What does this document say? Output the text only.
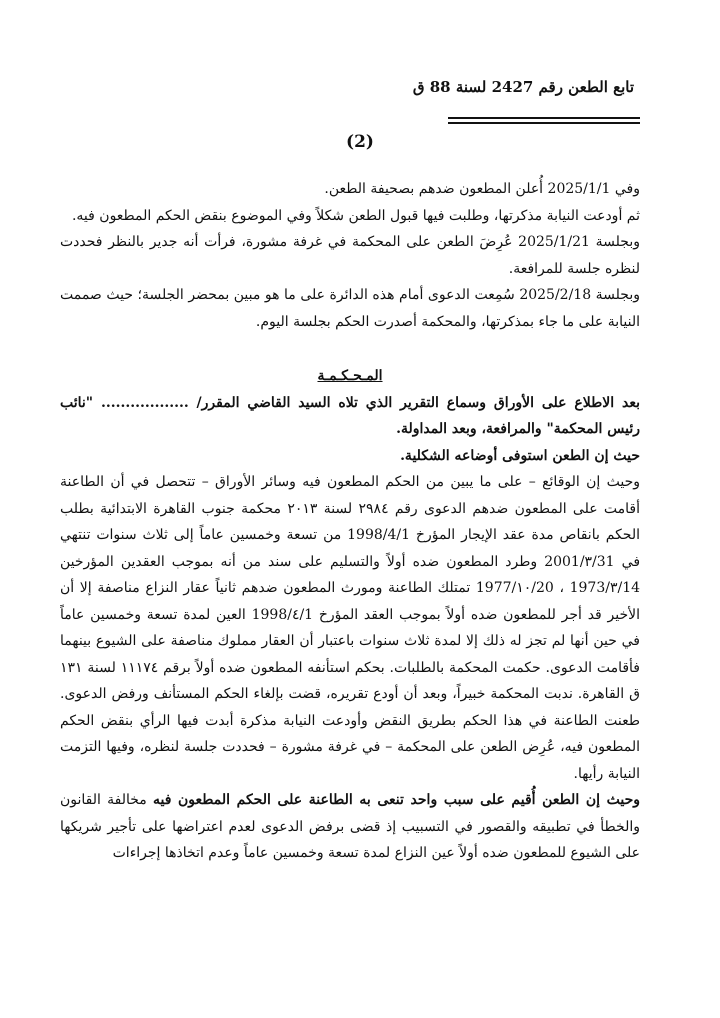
تابع الطعن رقم 2427 لسنة 88 ق
(2)

وفي 2025/1/1 أُعلن المطعون ضدهم بصحيفة الطعن.

ثم أودعت النيابة مذكرتها، وطلبت فيها قبول الطعن شكلاً وفي الموضوع بنقض الحكم المطعون فيه.

وبجلسة 2025/1/21 عُرِضَ الطعن على المحكمة في غرفة مشورة، فرأت أنه جدير بالنظر فحددت لنظره جلسة للمرافعة.

وبجلسة 2025/2/18 سُمِعت الدعوى أمام هذه الدائرة على ما هو مبين بمحضر الجلسة؛ حيث صممت النيابة على ما جاء بمذكرتها، والمحكمة أصدرت الحكم بجلسة اليوم.

المـحـكـمـة

بعد الاطلاع على الأوراق وسماع التقرير الذي تلاه السيد القاضي المقرر/ .................. "نائب رئيس المحكمة" والمرافعة، وبعد المداولة.

حيث إن الطعن استوفى أوضاعه الشكلية.

وحيث إن الوقائع – على ما يبين من الحكم المطعون فيه وسائر الأوراق – تتحصل في أن الطاعنة أقامت على المطعون ضدهم الدعوى رقم ٢٩٨٤ لسنة ٢٠١٣ محكمة جنوب القاهرة الابتدائية بطلب الحكم بانقاص مدة عقد الإيجار المؤرخ 1998/4/1 من تسعة وخمسين عاماً إلى ثلاث سنوات تنتهي في 2001/٣/31 وطرد المطعون ضده أولاً والتسليم على سند من أنه بموجب العقدين المؤرخين 1973/٣/14 ، 1977/١٠/20 تمتلك الطاعنة ومورث المطعون ضدهم ثانياً عقار النزاع مناصفة إلا أن الأخير قد أجر للمطعون ضده أولاً بموجب العقد المؤرخ 1998/٤/1 العين لمدة تسعة وخمسين عاماً في حين أنها لم تجز له ذلك إلا لمدة ثلاث سنوات باعتبار أن العقار مملوك مناصفة على الشيوع بينهما فأقامت الدعوى. حكمت المحكمة بالطلبات. بحكم استأنفه المطعون ضده أولاً برقم ١١١٧٤ لسنة ١٣١ ق القاهرة. ندبت المحكمة خبيراً، وبعد أن أودع تقريره، قضت بإلغاء الحكم المستأنف ورفض الدعوى. طعنت الطاعنة في هذا الحكم بطريق النقض وأودعت النيابة مذكرة أبدت فيها الرأي بنقض الحكم المطعون فيه، عُرِض الطعن على المحكمة – في غرفة مشورة – فحددت جلسة لنظره، وفيها التزمت النيابة رأيها.

وحيث إن الطعن أُقيم على سبب واحد تنعى به الطاعنة على الحكم المطعون فيه مخالفة القانون والخطأ في تطبيقه والقصور في التسبيب إذ قضى برفض الدعوى لعدم اعتراضها على تأجير شريكها على الشيوع للمطعون ضده أولاً عين النزاع لمدة تسعة وخمسين عاماً وعدم اتخاذها إجراءات
